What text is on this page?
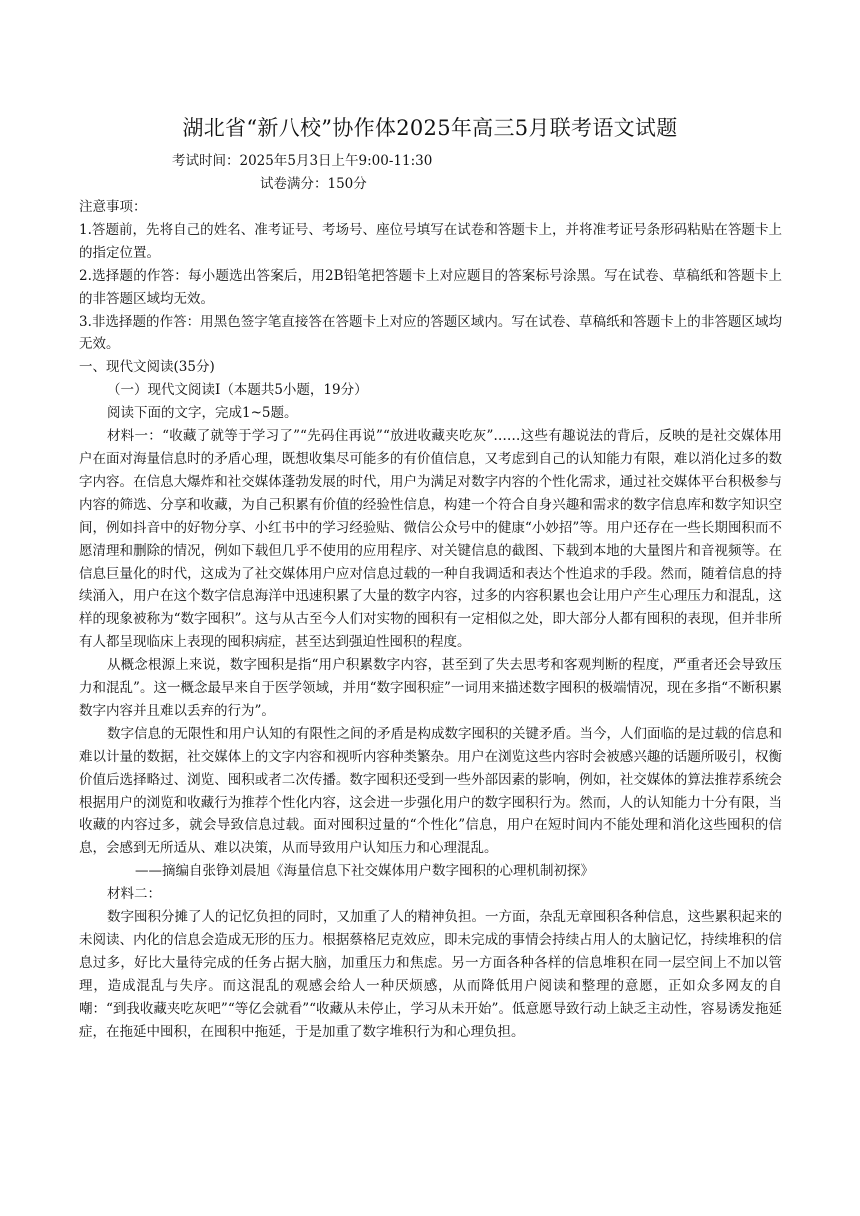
湖北省“新八校”协作体2025年高三5月联考语文试题
考试时间：2025年5月3日上午9:00-11:30
试卷满分：150分

注意事项：

1.答题前，先将自己的姓名、准考证号、考场号、座位号填写在试卷和答题卡上，并将准考证号条形码粘贴在答题卡上的指定位置。

2.选择题的作答：每小题选出答案后，用2B铅笔把答题卡上对应题目的答案标号涂黑。写在试卷、草稿纸和答题卡上的非答题区域均无效。

3.非选择题的作答：用黑色签字笔直接答在答题卡上对应的答题区域内。写在试卷、草稿纸和答题卡上的非答题区域均无效。

一、现代文阅读(35分)

（一）现代文阅读Ⅰ（本题共5小题，19分）

阅读下面的文字，完成1~5题。

材料一：“收藏了就等于学习了”“先码住再说”“放进收藏夹吃灰”……这些有趣说法的背后，反映的是社交媒体用户在面对海量信息时的矛盾心理，既想收集尽可能多的有价值信息，又考虑到自己的认知能力有限，难以消化过多的数字内容。在信息大爆炸和社交媒体蓬勃发展的时代，用户为满足对数字内容的个性化需求，通过社交媒体平台积极参与内容的筛选、分享和收藏，为自己积累有价值的经验性信息，构建一个符合自身兴趣和需求的数字信息库和数字知识空间，例如抖音中的好物分享、小红书中的学习经验贴、微信公众号中的健康“小妙招”等。用户还存在一些长期囤积而不愿清理和删除的情况，例如下载但几乎不使用的应用程序、对关键信息的截图、下载到本地的大量图片和音视频等。在信息巨量化的时代，这成为了社交媒体用户应对信息过载的一种自我调适和表达个性追求的手段。然而，随着信息的持续涌入，用户在这个数字信息海洋中迅速积累了大量的数字内容，过多的内容积累也会让用户产生心理压力和混乱，这样的现象被称为“数字囤积”。这与从古至今人们对实物的囤积有一定相似之处，即大部分人都有囤积的表现，但并非所有人都呈现临床上表现的囤积病症，甚至达到强迫性囤积的程度。

从概念根源上来说，数字囤积是指“用户积累数字内容，甚至到了失去思考和客观判断的程度，严重者还会导致压力和混乱”。这一概念最早来自于医学领域，并用“数字囤积症”一词用来描述数字囤积的极端情况，现在多指“不断积累数字内容并且难以丢弃的行为”。

数字信息的无限性和用户认知的有限性之间的矛盾是构成数字囤积的关键矛盾。当今，人们面临的是过载的信息和难以计量的数据，社交媒体上的文字内容和视听内容种类繁杂。用户在浏览这些内容时会被感兴趣的话题所吸引，权衡价值后选择略过、浏览、囤积或者二次传播。数字囤积还受到一些外部因素的影响，例如，社交媒体的算法推荐系统会根据用户的浏览和收藏行为推荐个性化内容，这会进一步强化用户的数字囤积行为。然而，人的认知能力十分有限，当收藏的内容过多，就会导致信息过载。面对囤积过量的“个性化”信息，用户在短时间内不能处理和消化这些囤积的信息，会感到无所适从、难以决策，从而导致用户认知压力和心理混乱。

——摘编自张铮刘晨旭《海量信息下社交媒体用户数字囤积的心理机制初探》

材料二：

数字囤积分摊了人的记忆负担的同时，又加重了人的精神负担。一方面，杂乱无章囤积各种信息，这些累积起来的未阅读、内化的信息会造成无形的压力。根据蔡格尼克效应，即未完成的事情会持续占用人的太脑记忆，持续堆积的信息过多，好比大量待完成的任务占据大脑，加重压力和焦虑。另一方面各种各样的信息堆积在同一层空间上不加以管理，造成混乱与失序。而这混乱的观感会给人一种厌烦感，从而降低用户阅读和整理的意愿，正如众多网友的自嘲：“到我收藏夹吃灰吧”“等亿会就看”“收藏从未停止，学习从未开始”。低意愿导致行动上缺乏主动性，容易诱发拖延症，在拖延中囤积，在囤积中拖延，于是加重了数字堆积行为和心理负担。
